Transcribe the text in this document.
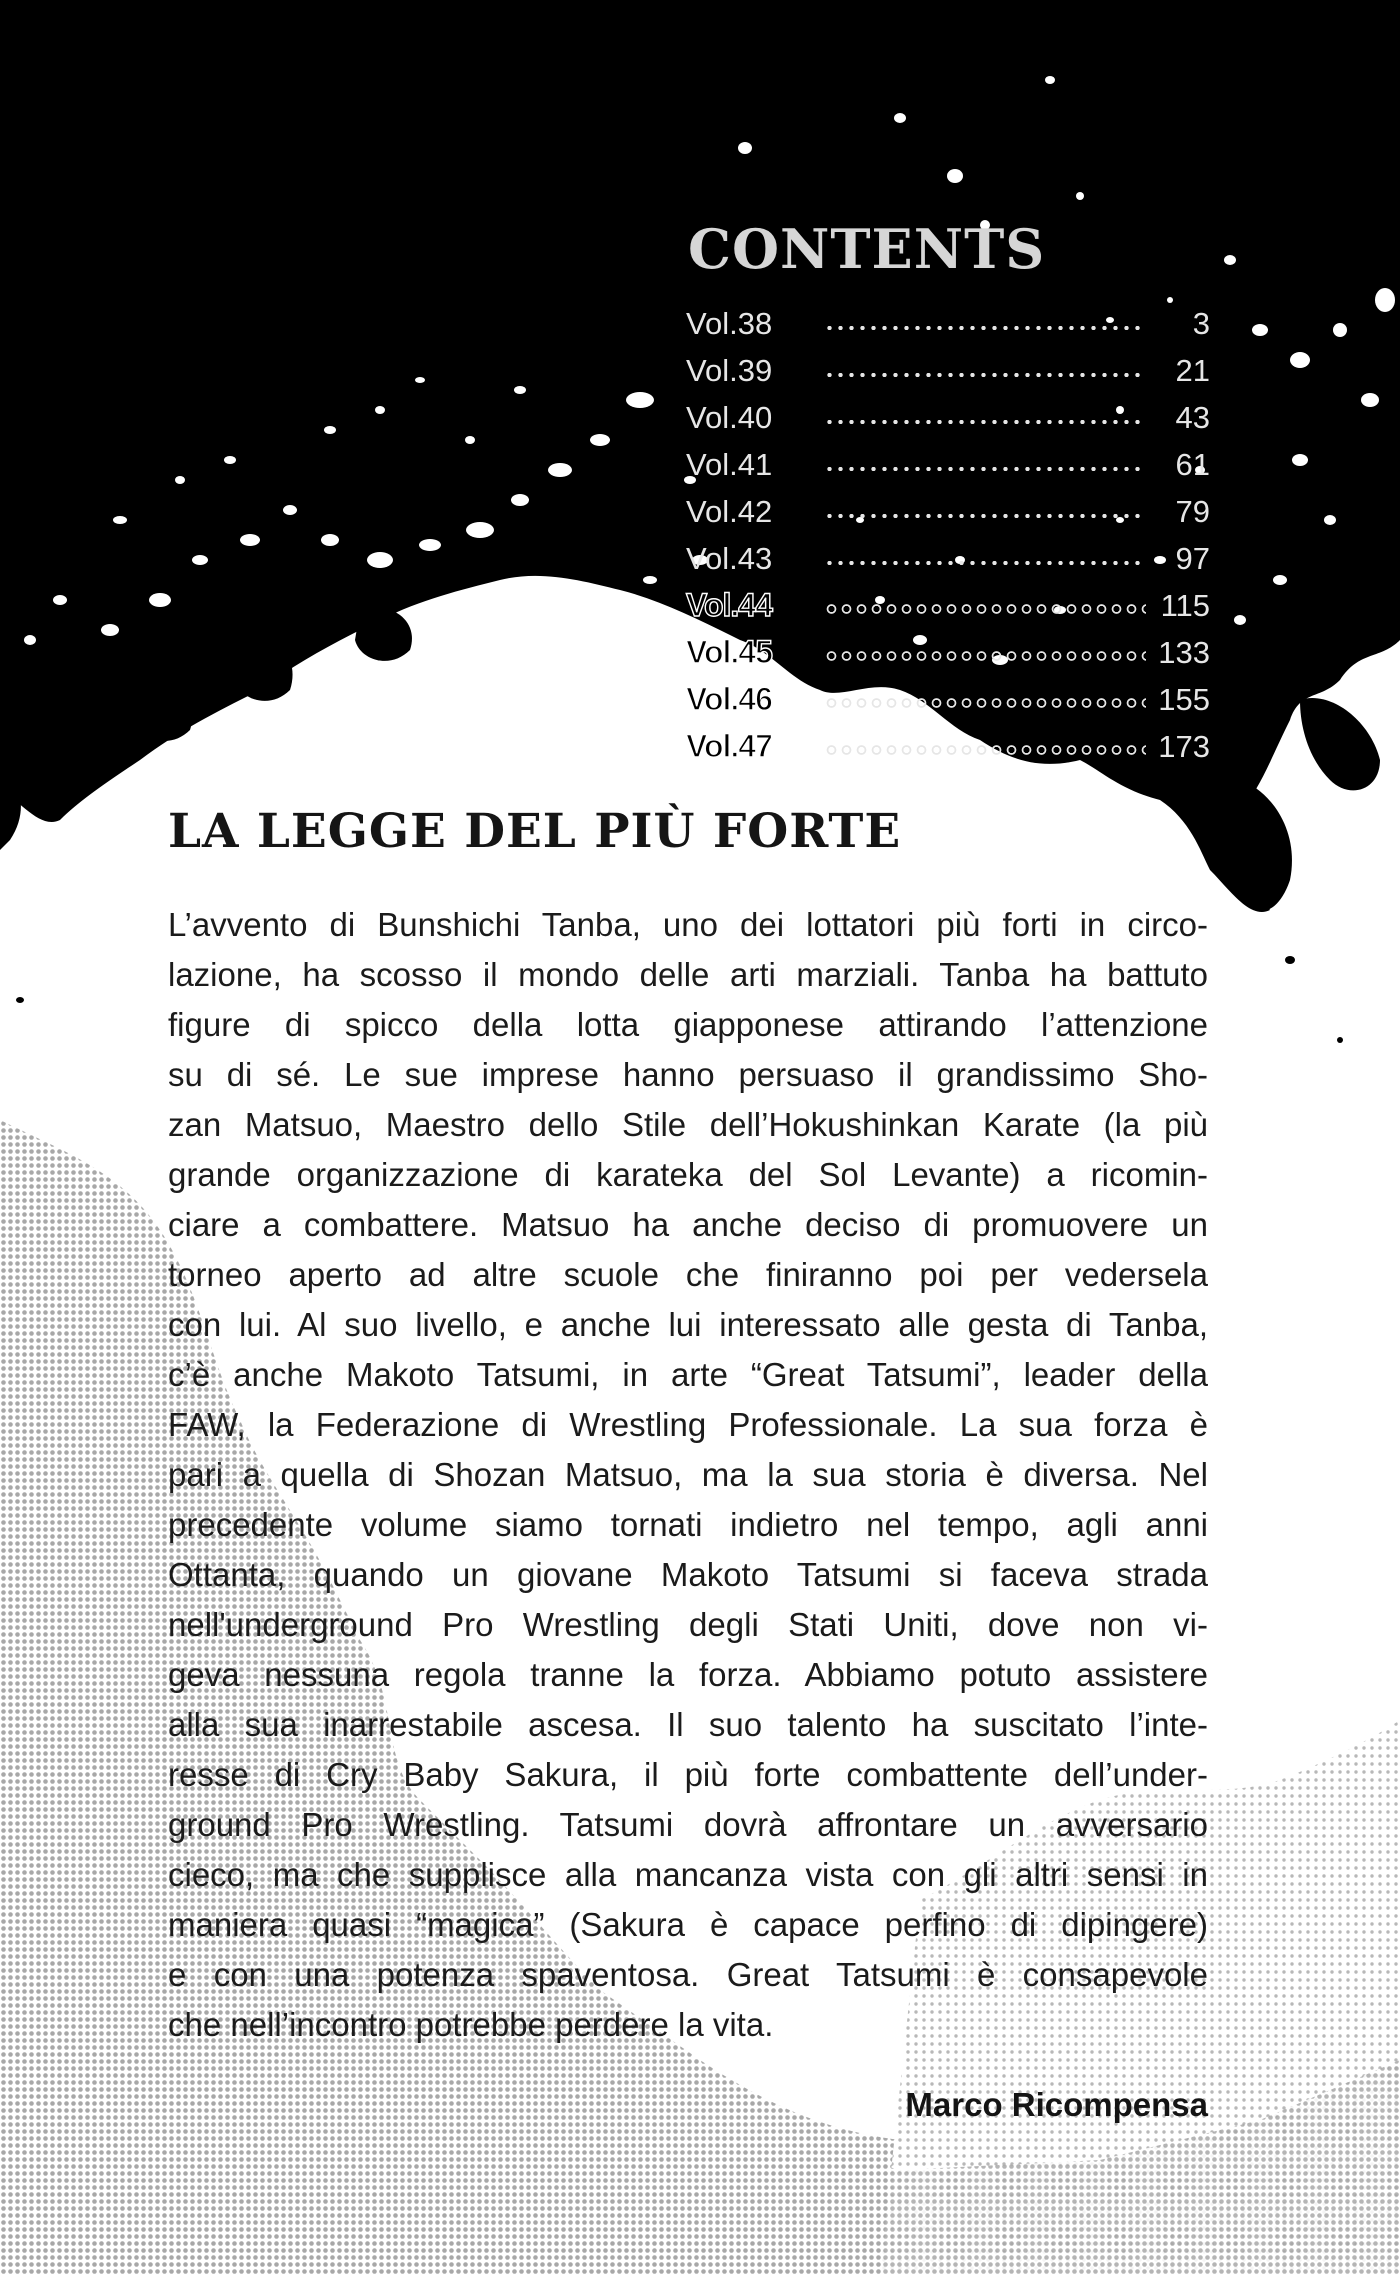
CONTENTS
Vol.38	3
Vol.39	21
Vol.40	43
Vol.41	61
Vol.42	79
Vol.43	97
Vol.44	115
Vol.45	133
Vol.46	155
Vol.47	173
LA LEGGE DEL PIÙ FORTE
L’avvento di Bunshichi Tanba, uno dei lottatori più forti in circo-
lazione, ha scosso il mondo delle arti marziali. Tanba ha battuto
figure di spicco della lotta giapponese attirando l’attenzione
su di sé. Le sue imprese hanno persuaso il grandissimo Sho-
zan Matsuo, Maestro dello Stile dell’Hokushinkan Karate (la più
grande organizzazione di karateka del Sol Levante) a ricomin-
ciare a combattere. Matsuo ha anche deciso di promuovere un
torneo aperto ad altre scuole che finiranno poi per vedersela
con lui. Al suo livello, e anche lui interessato alle gesta di Tanba,
c’è anche Makoto Tatsumi, in arte “Great Tatsumi”, leader della
FAW, la Federazione di Wrestling Professionale. La sua forza è
pari a quella di Shozan Matsuo, ma la sua storia è diversa. Nel
precedente volume siamo tornati indietro nel tempo, agli anni
Ottanta, quando un giovane Makoto Tatsumi si faceva strada
nell'underground Pro Wrestling degli Stati Uniti, dove non vi-
geva nessuna regola tranne la forza. Abbiamo potuto assistere
alla sua inarrestabile ascesa. Il suo talento ha suscitato l’inte-
resse di Cry Baby Sakura, il più forte combattente dell’under-
ground Pro Wrestling. Tatsumi dovrà affrontare un avversario
cieco, ma che supplisce alla mancanza vista con gli altri sensi in
maniera quasi “magica” (Sakura è capace perfino di dipingere)
e con una potenza spaventosa. Great Tatsumi è consapevole
che nell’incontro potrebbe perdere la vita.

Marco Ricompensa
